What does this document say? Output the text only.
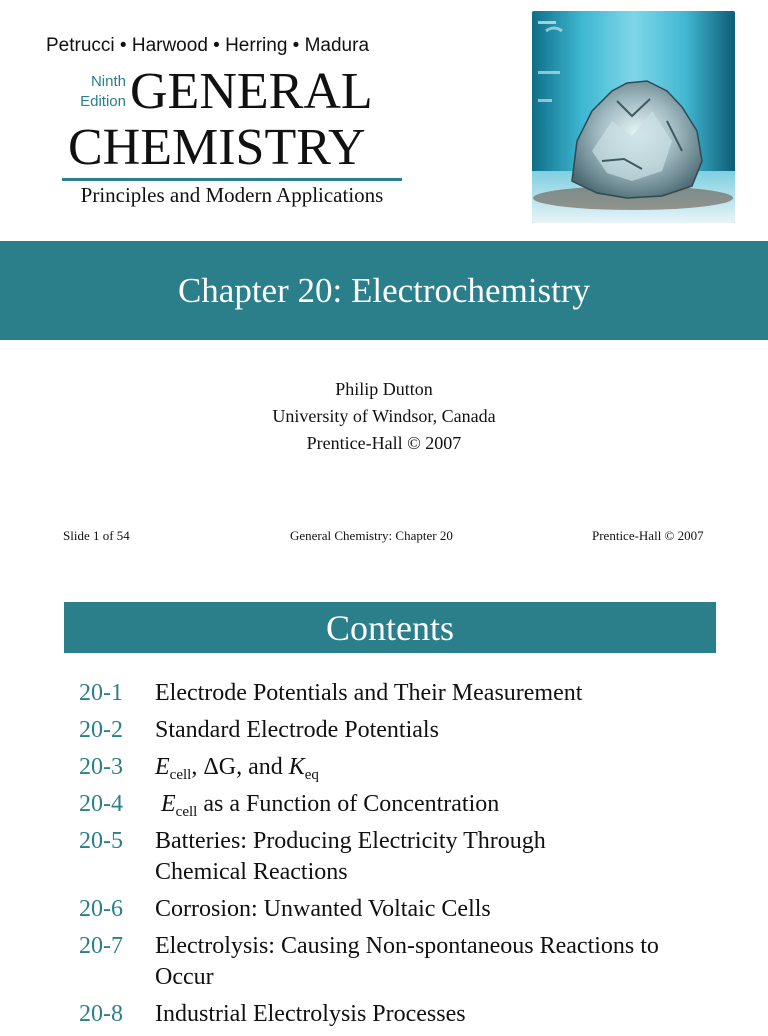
Petrucci • Harwood • Herring • Madura
Ninth
Edition GENERAL
CHEMISTRY
Principles and Modern Applications
Chapter 20: Electrochemistry
Philip Dutton
University of Windsor, Canada
Prentice-Hall © 2007
Slide 1 of 54	General Chemistry: Chapter 20	Prentice-Hall © 2007
Contents
20-1 Electrode Potentials and Their Measurement
20-2 Standard Electrode Potentials
20-3 $E_{cell}$, ΔG, and $K_{eq}$
20-4 $E_{cell}$ as a Function of Concentration
20-5 Batteries: Producing Electricity Through Chemical Reactions
20-6 Corrosion: Unwanted Voltaic Cells
20-7 Electrolysis: Causing Non-spontaneous Reactions to Occur
20-8 Industrial Electrolysis Processes
